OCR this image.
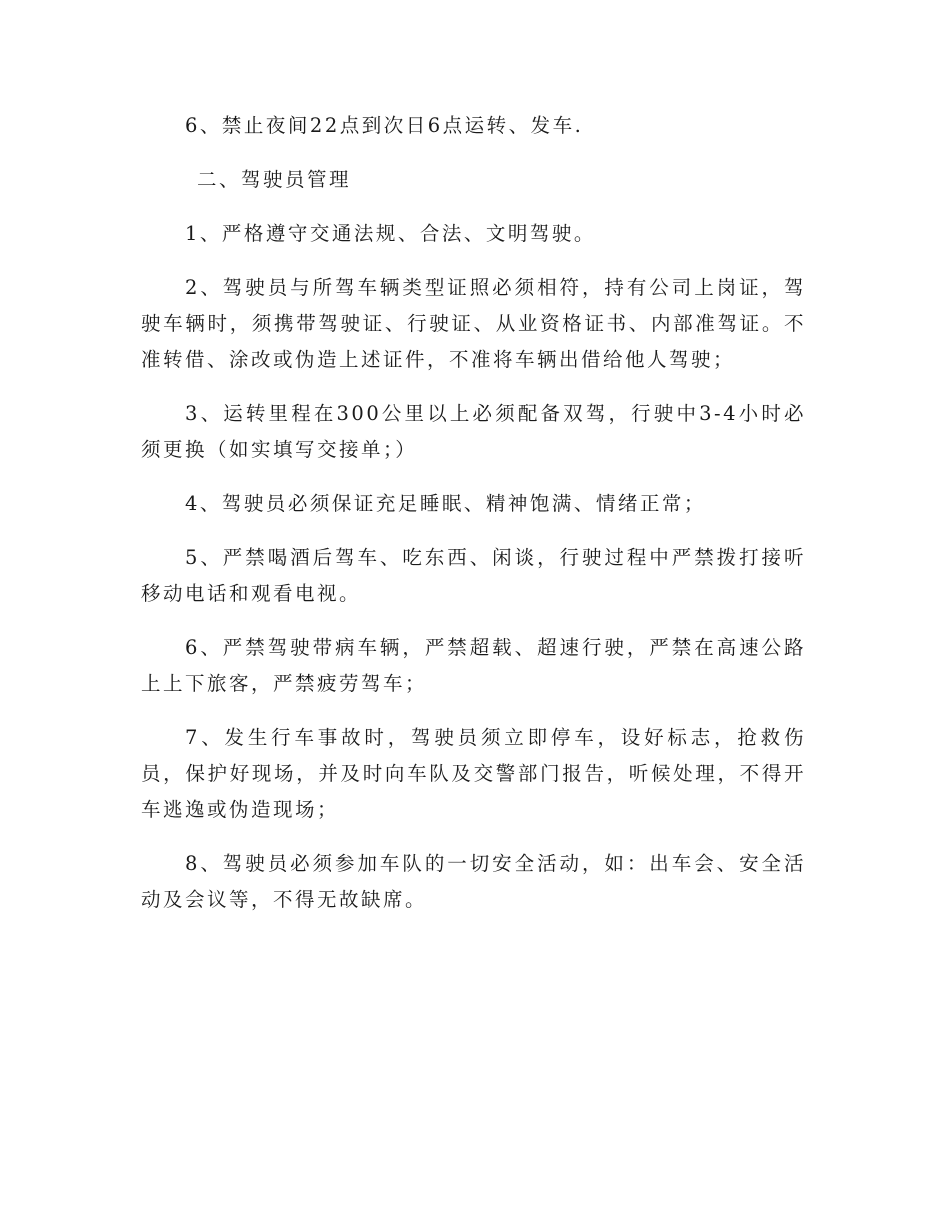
6、禁止夜间22点到次日6点运转、发车.

二、驾驶员管理

1、严格遵守交通法规、合法、文明驾驶。

2、驾驶员与所驾车辆类型证照必须相符，持有公司上岗证，驾驶车辆时，须携带驾驶证、行驶证、从业资格证书、内部准驾证。不准转借、涂改或伪造上述证件，不准将车辆出借给他人驾驶；

3、运转里程在300公里以上必须配备双驾，行驶中3-4小时必须更换（如实填写交接单；）

4、驾驶员必须保证充足睡眠、精神饱满、情绪正常；

5、严禁喝酒后驾车、吃东西、闲谈，行驶过程中严禁拨打接听移动电话和观看电视。

6、严禁驾驶带病车辆，严禁超载、超速行驶，严禁在高速公路上上下旅客，严禁疲劳驾车；

7、发生行车事故时，驾驶员须立即停车，设好标志，抢救伤员，保护好现场，并及时向车队及交警部门报告，听候处理，不得开车逃逸或伪造现场；

8、驾驶员必须参加车队的一切安全活动，如：出车会、安全活动及会议等，不得无故缺席。
